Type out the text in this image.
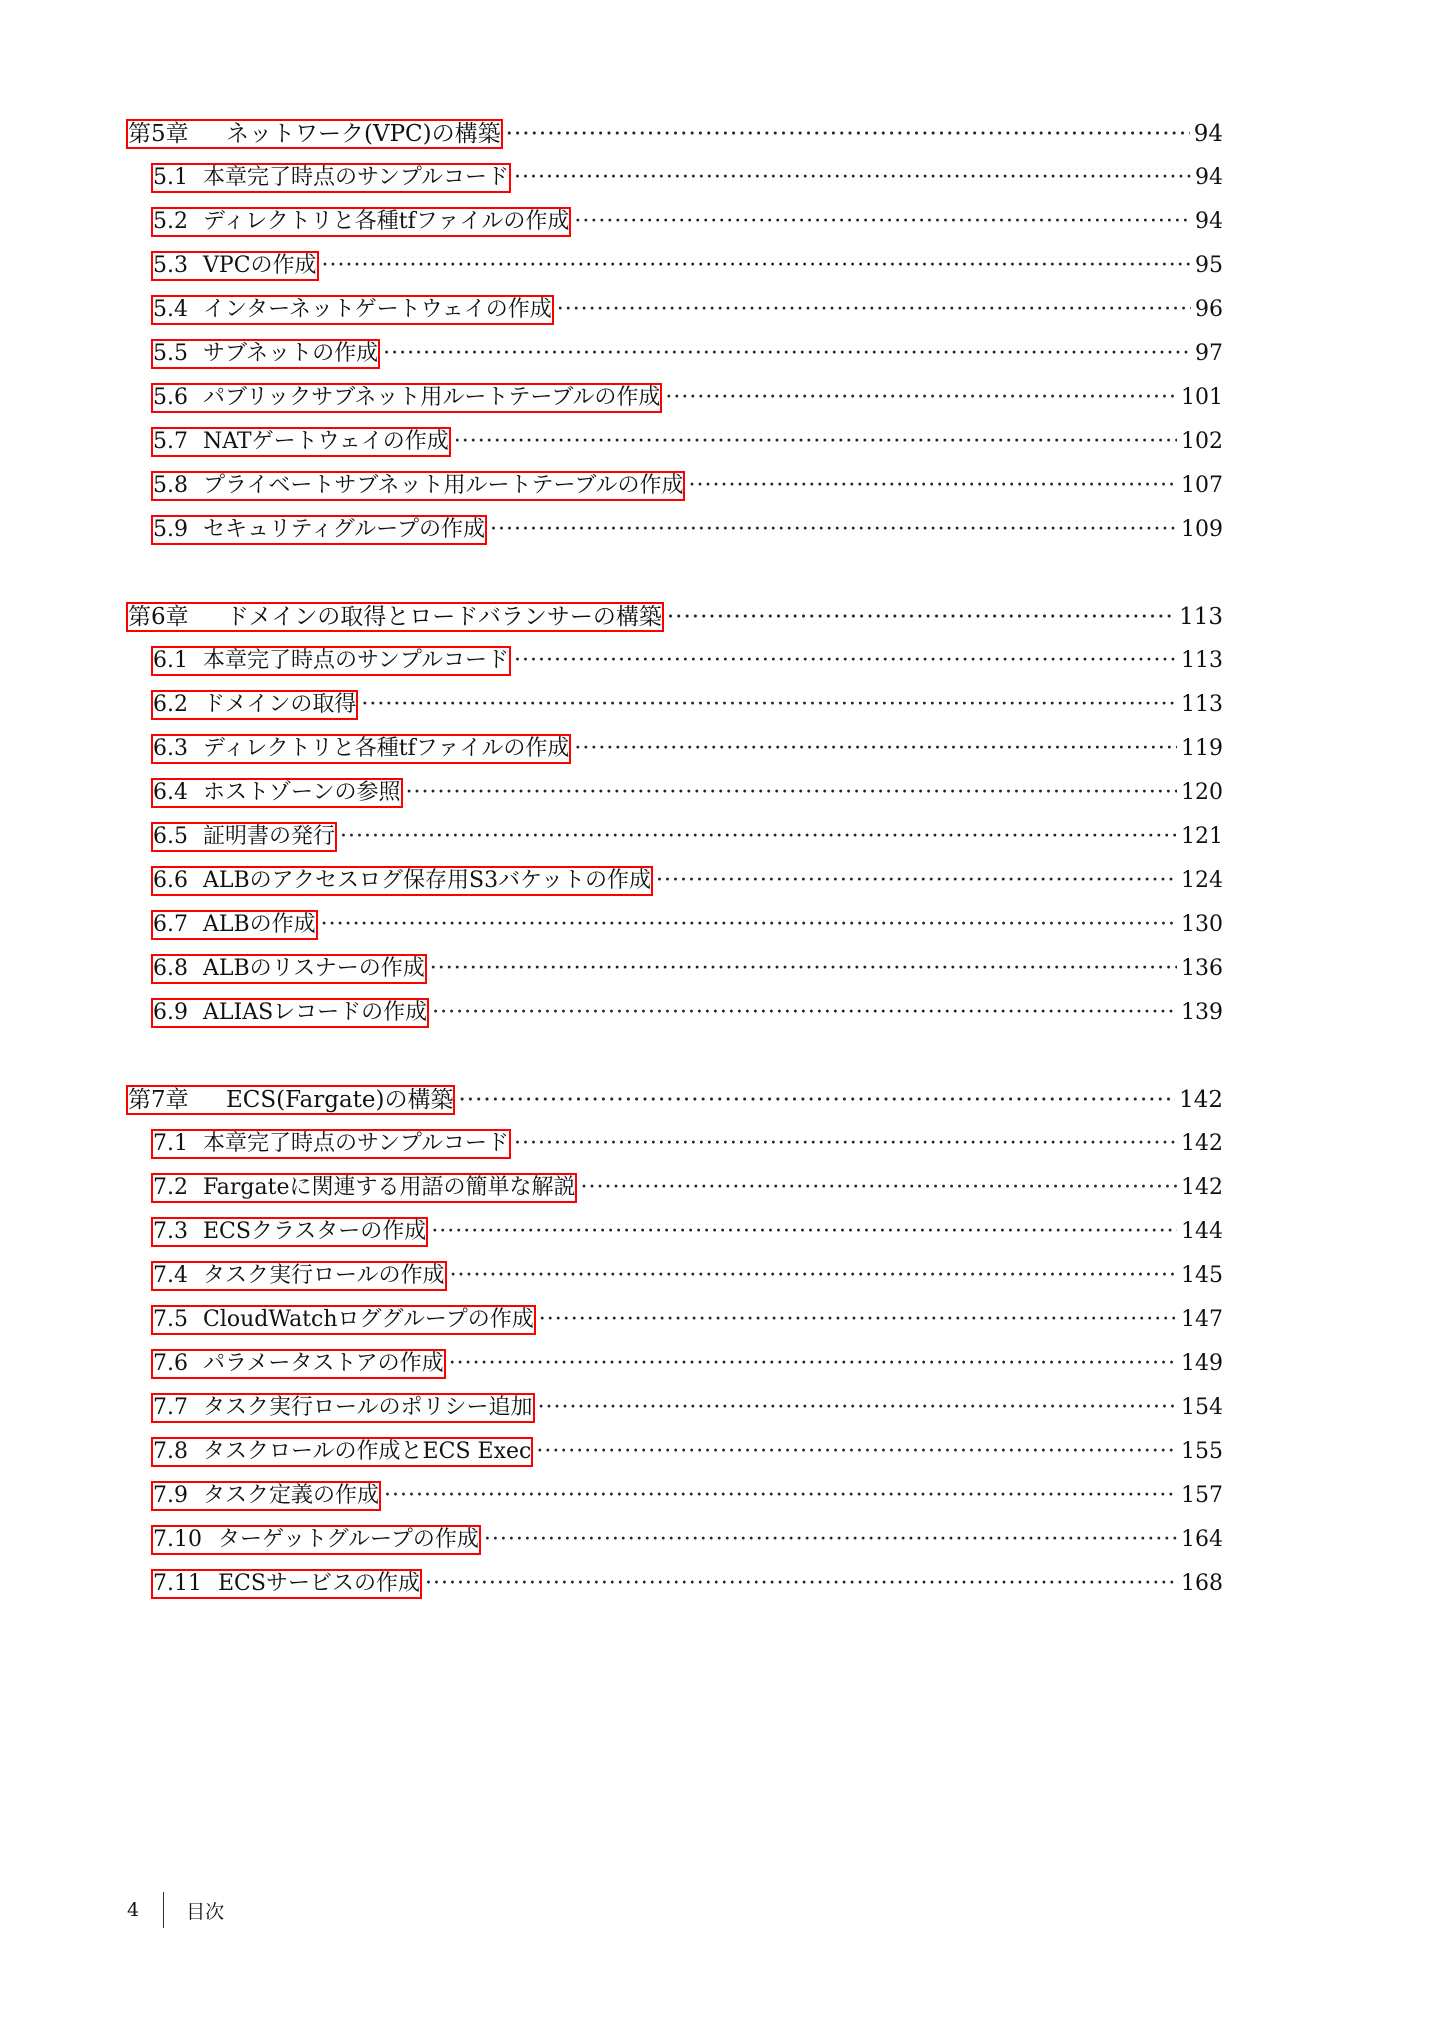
第5章	ネットワーク(VPC)の構築 ·····	94
5.1 本章完了時点のサンプルコード ·····	94
5.2 ディレクトリと各種tfファイルの作成 ·····	94
5.3 VPCの作成 ·····	95
5.4 インターネットゲートウェイの作成 ·····	96
5.5 サブネットの作成 ·····	97
5.6 パブリックサブネット用ルートテーブルの作成 ·····	101
5.7 NATゲートウェイの作成 ·····	102
5.8 プライベートサブネット用ルートテーブルの作成 ·····	107
5.9 セキュリティグループの作成 ·····	109
第6章	ドメインの取得とロードバランサーの構築 ·····	113
6.1 本章完了時点のサンプルコード ·····	113
6.2 ドメインの取得 ·····	113
6.3 ディレクトリと各種tfファイルの作成 ·····	119
6.4 ホストゾーンの参照 ·····	120
6.5 証明書の発行 ·····	121
6.6 ALBのアクセスログ保存用S3バケットの作成 ·····	124
6.7 ALBの作成 ·····	130
6.8 ALBのリスナーの作成 ·····	136
6.9 ALIASレコードの作成 ·····	139
第7章	ECS(Fargate)の構築 ·····	142
7.1 本章完了時点のサンプルコード ·····	142
7.2 Fargateに関連する用語の簡単な解説 ·····	142
7.3 ECSクラスターの作成 ·····	144
7.4 タスク実行ロールの作成 ·····	145
7.5 CloudWatchロググループの作成 ·····	147
7.6 パラメータストアの作成 ·····	149
7.7 タスク実行ロールのポリシー追加 ·····	154
7.8 タスクロールの作成とECS Exec ·····	155
7.9 タスク定義の作成 ·····	157
7.10 ターゲットグループの作成 ·····	164
7.11 ECSサービスの作成 ·····	168
4 目次
